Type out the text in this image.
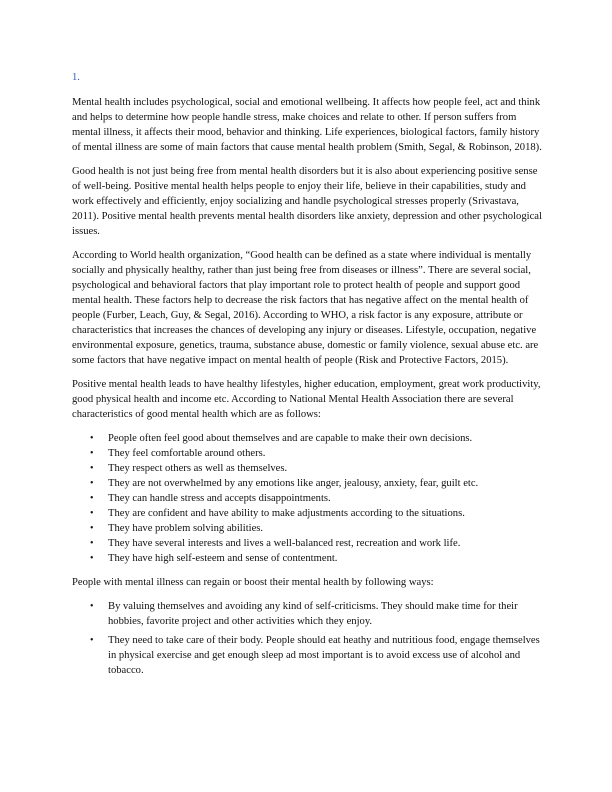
1.

Mental health includes psychological, social and emotional wellbeing. It affects how people feel, act and think and helps to determine how people handle stress, make choices and relate to other. If person suffers from mental illness, it affects their mood, behavior and thinking. Life experiences, biological factors, family history of mental illness are some of main factors that cause mental health problem (Smith, Segal, & Robinson, 2018).

Good health is not just being free from mental health disorders but it is also about experiencing positive sense of well-being. Positive mental health helps people to enjoy their life, believe in their capabilities, study and work effectively and efficiently, enjoy socializing and handle psychological stresses properly (Srivastava, 2011). Positive mental health prevents mental health disorders like anxiety, depression and other psychological issues.

According to World health organization, “Good health can be defined as a state where individual is mentally socially and physically healthy, rather than just being free from diseases or illness”. There are several social, psychological and behavioral factors that play important role to protect health of people and support good mental health. These factors help to decrease the risk factors that has negative affect on the mental health of people (Furber, Leach, Guy, & Segal, 2016). According to WHO, a risk factor is any exposure, attribute or characteristics that increases the chances of developing any injury or diseases. Lifestyle, occupation, negative environmental exposure, genetics, trauma, substance abuse, domestic or family violence, sexual abuse etc. are some factors that have negative impact on mental health of people (Risk and Protective Factors, 2015).

Positive mental health leads to have healthy lifestyles, higher education, employment, great work productivity, good physical health and income etc. According to National Mental Health Association there are several characteristics of good mental health which are as follows:

• People often feel good about themselves and are capable to make their own decisions.
• They feel comfortable around others.
• They respect others as well as themselves.
• They are not overwhelmed by any emotions like anger, jealousy, anxiety, fear, guilt etc.
• They can handle stress and accepts disappointments.
• They are confident and have ability to make adjustments according to the situations.
• They have problem solving abilities.
• They have several interests and lives a well-balanced rest, recreation and work life.
• They have high self-esteem and sense of contentment.

People with mental illness can regain or boost their mental health by following ways:

• By valuing themselves and avoiding any kind of self-criticisms. They should make time for their hobbies, favorite project and other activities which they enjoy.
• They need to take care of their body. People should eat heathy and nutritious food, engage themselves in physical exercise and get enough sleep ad most important is to avoid excess use of alcohol and tobacco.
